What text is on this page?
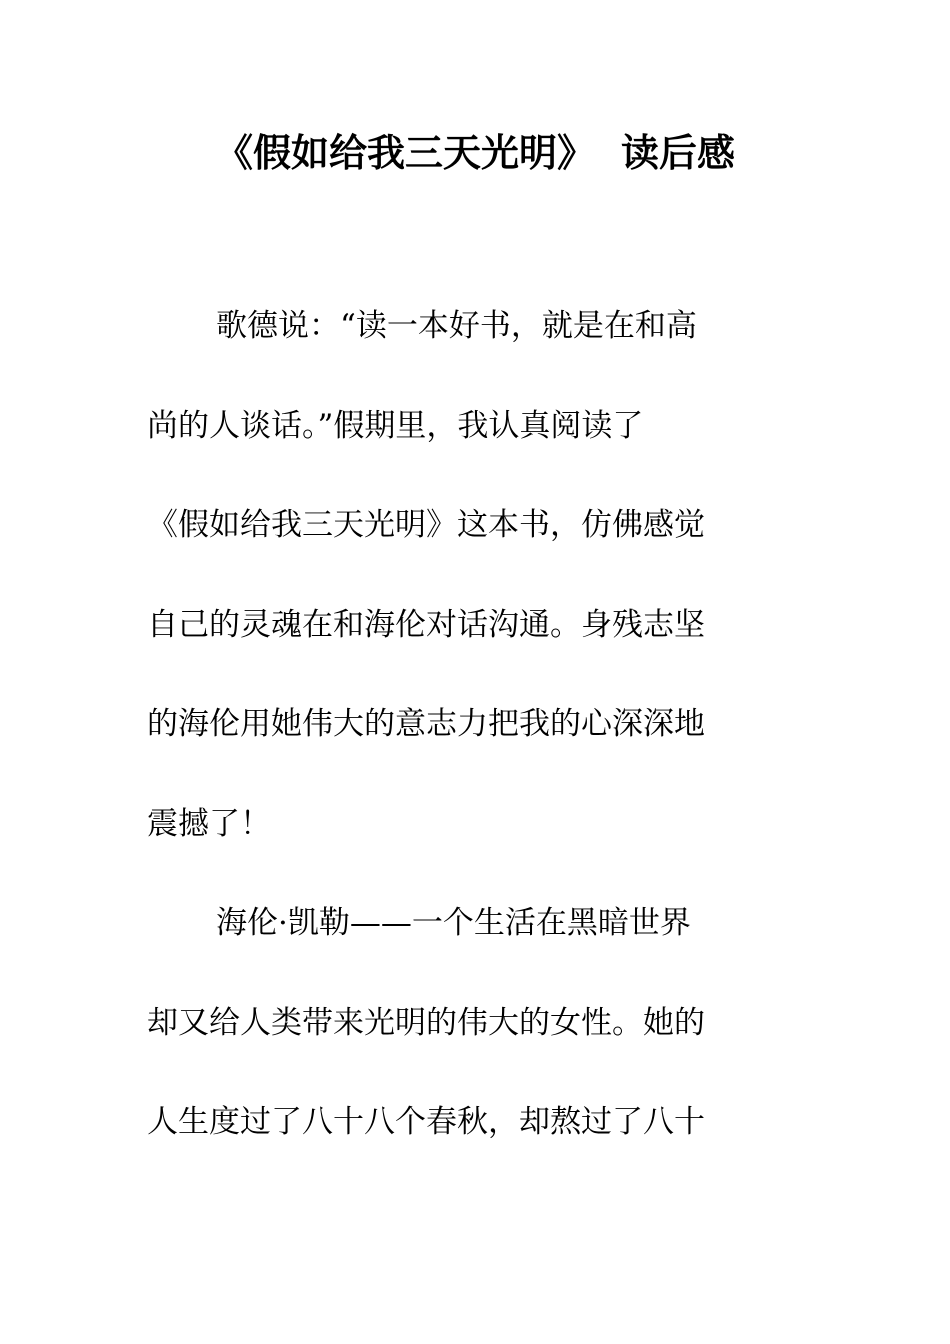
《假如给我三天光明》 读后感
歌德说：“读一本好书，就是在和高
尚的人谈话。”假期里，我认真阅读了
《假如给我三天光明》这本书，仿佛感觉
自己的灵魂在和海伦对话沟通。身残志坚
的海伦用她伟大的意志力把我的心深深地
震撼了！
海伦·凯勒——一个生活在黑暗世界
却又给人类带来光明的伟大的女性。她的
人生度过了八十八个春秋，却熬过了八十
